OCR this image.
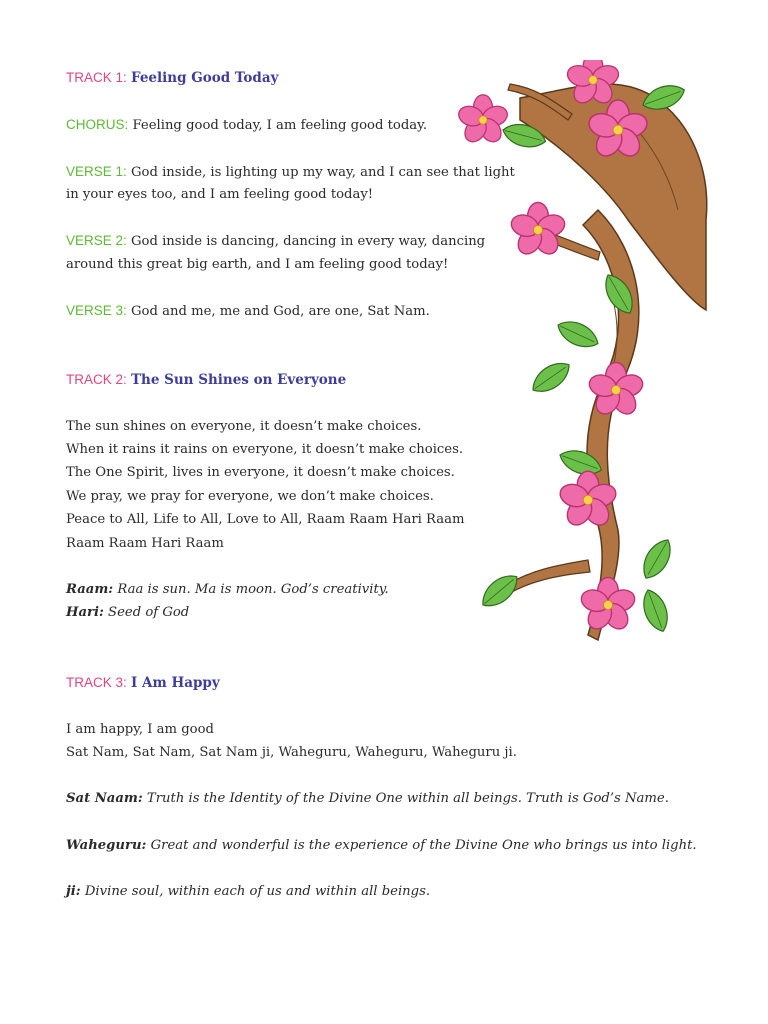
TRACK 1: Feeling Good Today
CHORUS: Feeling good today, I am feeling good today.
VERSE 1: God inside, is lighting up my way, and I can see that light
in your eyes too, and I am feeling good today!
VERSE 2: God inside is dancing, dancing in every way, dancing
around this great big earth, and I am feeling good today!
VERSE 3: God and me, me and God, are one, Sat Nam.
TRACK 2: The Sun Shines on Everyone
The sun shines on everyone, it doesn’t make choices.
When it rains it rains on everyone, it doesn’t make choices.
The One Spirit, lives in everyone, it doesn’t make choices.
We pray, we pray for everyone, we don’t make choices.
Peace to All, Life to All, Love to All, Raam Raam Hari Raam
Raam Raam Hari Raam
Raam: Raa is sun. Ma is moon. God’s creativity.
Hari: Seed of God
TRACK 3: I Am Happy
I am happy, I am good
Sat Nam, Sat Nam, Sat Nam ji, Waheguru, Waheguru, Waheguru ji.
Sat Naam: Truth is the Identity of the Divine One within all beings. Truth is God’s Name.
Waheguru: Great and wonderful is the experience of the Divine One who brings us into light.
ji: Divine soul, within each of us and within all beings.
